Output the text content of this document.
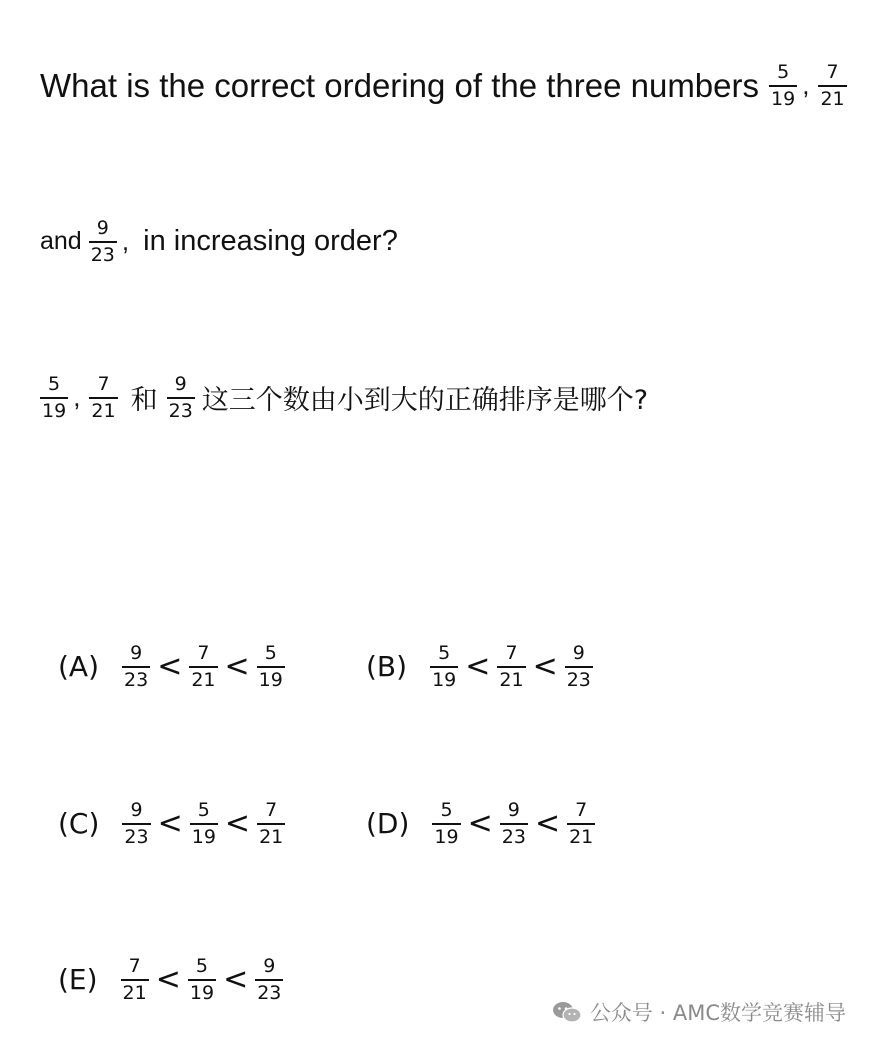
What is the correct ordering of the three numbers $\frac{5}{19}$ , $\frac{7}{21}$
and $\frac{9}{23}$ , in increasing order?
$\frac{5}{19}$ , $\frac{7}{21}$ 和 $\frac{9}{23}$ 这三个数由小到大的正确排序是哪个?
$(A) \frac{9}{23} < \frac{7}{21} < \frac{5}{19}$	$(B) \frac{5}{19} < \frac{7}{21} < \frac{9}{23}$
$(C) \frac{9}{23} < \frac{5}{19} < \frac{7}{21}$	$(D) \frac{5}{19} < \frac{9}{23} < \frac{7}{21}$
$(E) \frac{7}{21} < \frac{5}{19} < \frac{9}{23}$
公众号 · AMC数学竞赛辅导
